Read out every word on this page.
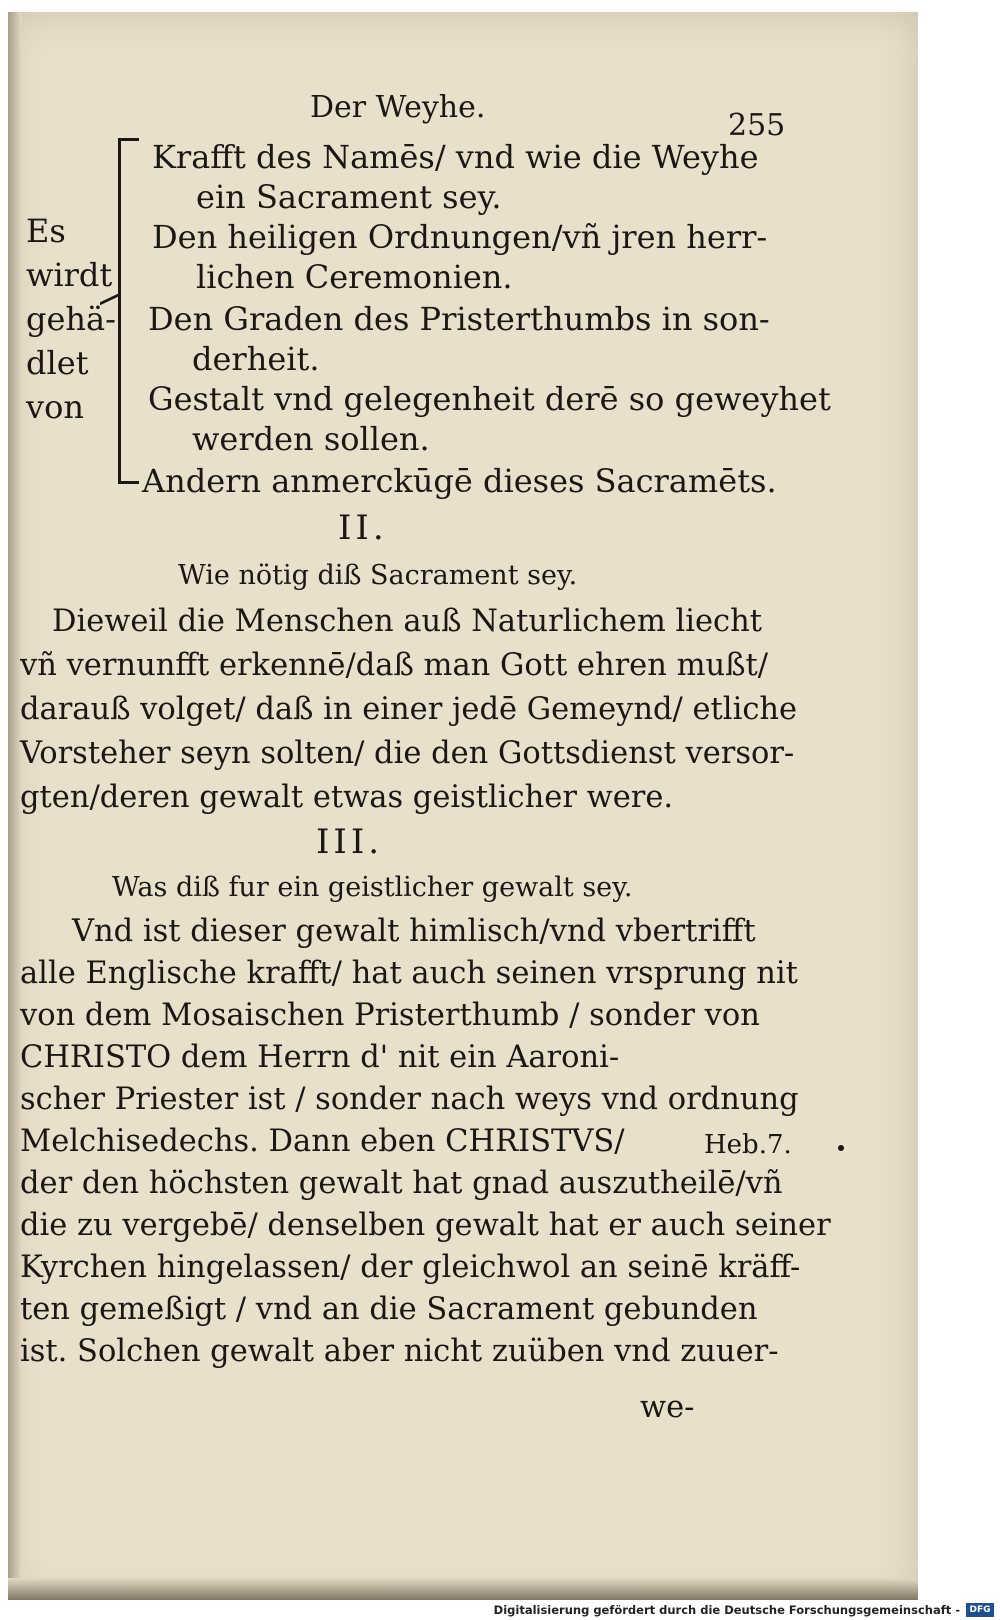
Der Weyhe.
255
Es
wirdt
gehä-
dlet
von
Krafft des Namēs/ vnd wie die Weyhe
ein Sacrament sey.
Den heiligen Ordnungen/vñ jren herr-
lichen Ceremonien.
Den Graden des Pristerthumbs in son-
derheit.
Gestalt vnd gelegenheit derē so geweyhet
werden sollen.
Andern anmerckūgē dieses Sacramēts.
II.
Wie nötig diß Sacrament sey.
Dieweil die Menschen auß Naturlichem liecht
vñ vernunfft erkennē/daß man Gott ehren mußt/
darauß volget/ daß in einer jedē Gemeynd/ etliche
Vorsteher seyn solten/ die den Gottsdienst versor-
gten/deren gewalt etwas geistlicher were.
III.
Was diß fur ein geistlicher gewalt sey.
Vnd ist dieser gewalt himlisch/vnd vbertrifft
alle Englische krafft/ hat auch seinen vrsprung nit
von dem Mosaischen Pristerthumb / sonder von
CHRISTO dem Herrn d' nit ein Aaroni-
scher Priester ist / sonder nach weys vnd ordnung
Melchisedechs. Dann eben CHRISTVS/
der den höchsten gewalt hat gnad auszutheilē/vñ
die zu vergebē/ denselben gewalt hat er auch seiner
Kyrchen hingelassen/ der gleichwol an seinē kräff-
ten gemeßigt / vnd an die Sacrament gebunden
ist. Solchen gewalt aber nicht zuüben vnd zuuer-
Heb.7.
we-
Digitalisierung gefördert durch die Deutsche Forschungsgemeinschaft -	DFG
